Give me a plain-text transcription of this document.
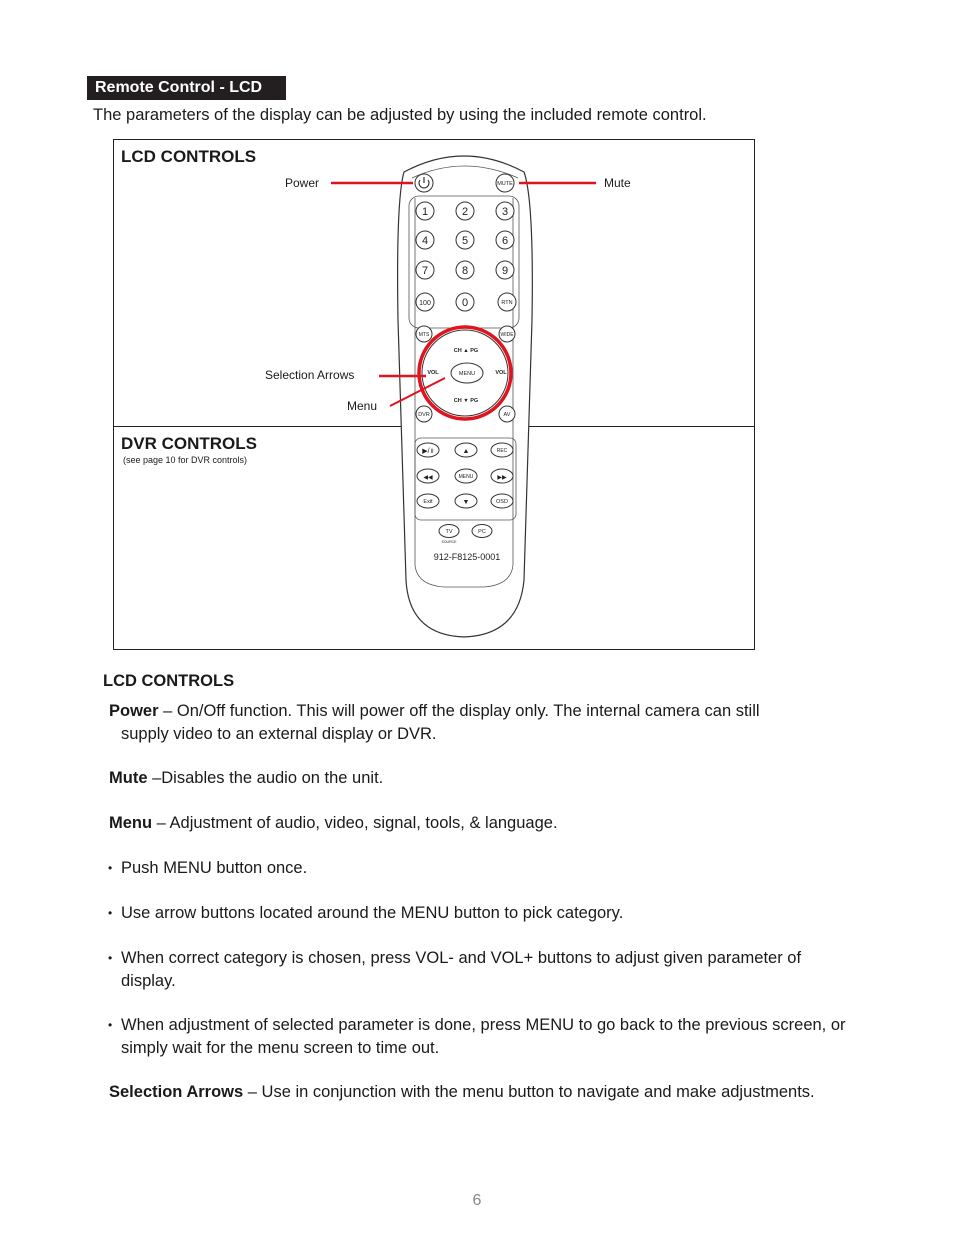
Remote Control - LCD
The parameters of the display can be adjusted by using the included remote control.
LCD CONTROLS
DVR CONTROLS
(see page 10 for DVR controls)
Power	Mute
Selection Arrows
Menu
MUTE
1	2	3
4	5	6
7	8	9
100	0	RTN
MTS	WIDE
MENU
CH ▲ PG
CH ▼ PG
VOL	VOL
DVR	AV
▶/॥	▲	REC
◀◀	MENU	▶▶
Exit	▼	OSD
TV	PC
SOURCE
912-F8125-0001
LCD CONTROLS
Power – On/Off function. This will power off the display only. The internal camera can still
supply video to an external display or DVR.
Mute –Disables the audio on the unit.
Menu – Adjustment of audio, video, signal, tools, & language.
• Push MENU button once.
• Use arrow buttons located around the MENU button to pick category.
• When correct category is chosen, press VOL- and VOL+ buttons to adjust given parameter of display.
• When adjustment of selected parameter is done, press MENU to go back to the previous screen, or simply wait for the menu screen to time out.
Selection Arrows – Use in conjunction with the menu button to navigate and make adjustments.
6
